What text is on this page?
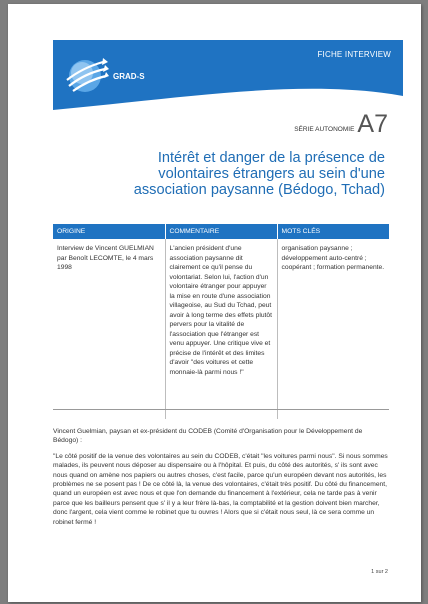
FICHE INTERVIEW
GRAD-S
SÉRIE AUTONOMIE A7
Intérêt et danger de la présence de volontaires étrangers au sein d'une association paysanne (Bédogo, Tchad)
ORIGINE	COMMENTAIRE	MOTS CLÉS
Interview de Vincent GUELMIAN par Benoît LECOMTE, le 4 mars 1998	L'ancien président d'une association paysanne dit clairement ce qu'il pense du volontariat. Selon lui, l'action d'un volontaire étranger pour appuyer la mise en route d'une association villageoise, au Sud du Tchad, peut avoir à long terme des effets plutôt pervers pour la vitalité de l'association que l'étranger est venu appuyer. Une critique vive et précise de l'intérêt et des limites d'avoir "des voitures et cette monnaie-là parmi nous !"	organisation paysanne ; développement auto-centré ; coopérant ; formation permanente.

Vincent Guelmian, paysan et ex-président du CODEB (Comité d'Organisation pour le Développement de Bédogo) :

"Le côté positif de la venue des volontaires au sein du CODEB, c'était "les voitures parmi nous". Si nous sommes malades, ils peuvent nous déposer au dispensaire ou à l'hôpital. Et puis, du côté des autorités, s' ils sont avec nous quand on amène nos papiers ou autres choses, c'est facile, parce qu'un européen devant nos autorités, les problèmes ne se posent pas ! De ce côté là, la venue des volontaires, c'était très positif. Du côté du financement, quand un européen est avec nous et que l'on demande du financement à l'extérieur, cela ne tarde pas à venir parce que les bailleurs pensent que s' il y a leur frère là-bas, la comptabilité et la gestion doivent bien marcher, donc l'argent, cela vient comme le robinet que tu ouvres ! Alors que si c'était nous seul, là ce sera comme un robinet fermé !

1 sur 2
